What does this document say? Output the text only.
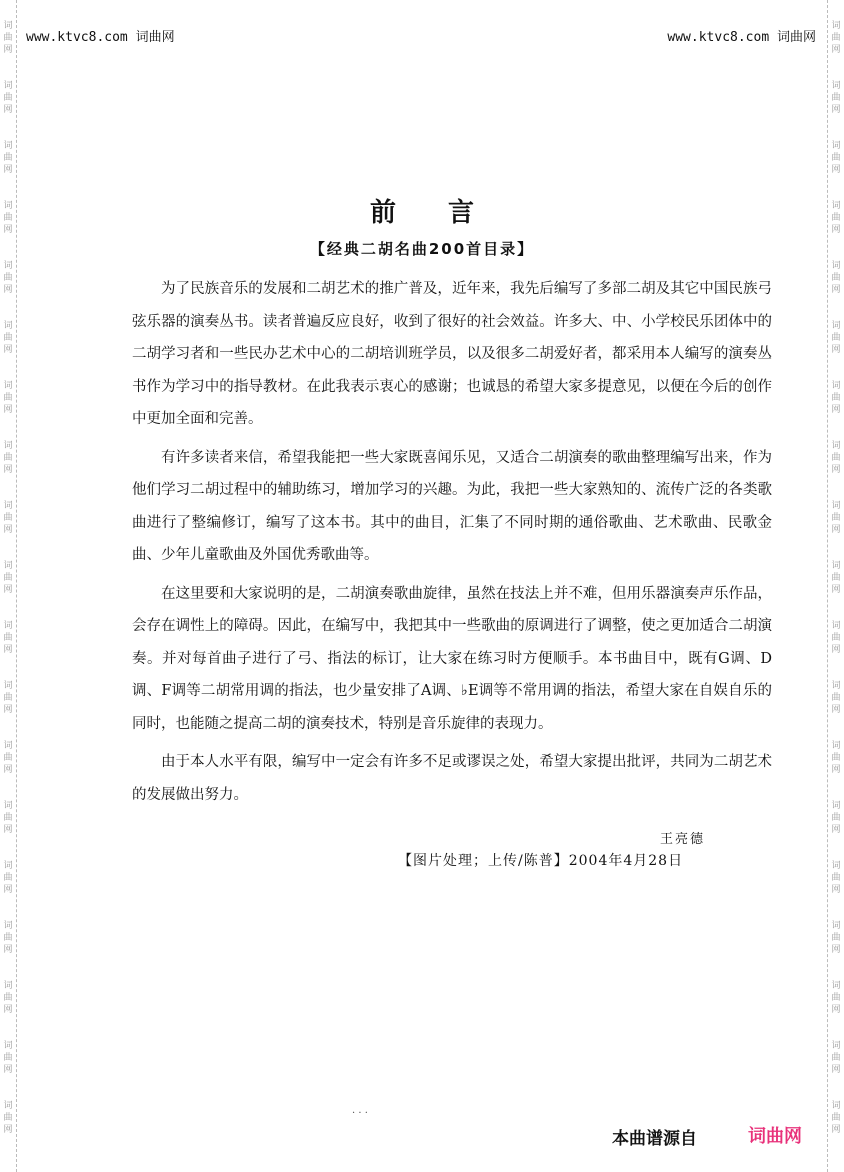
词曲网
词曲网
词曲网
词曲网
词曲网
词曲网
词曲网
词曲网
词曲网
词曲网
词曲网
词曲网
词曲网
词曲网
词曲网
词曲网
词曲网
词曲网
词曲网
词曲网
词曲网
词曲网
词曲网
词曲网
词曲网
词曲网
词曲网
词曲网
词曲网
词曲网
词曲网
词曲网
词曲网
词曲网
词曲网
词曲网
词曲网
词曲网
www.ktvc8.com 词曲网	www.ktvc8.com 词曲网
前言
【经典二胡名曲200首目录】

为了民族音乐的发展和二胡艺术的推广普及，近年来，我先后编写了多部二胡及其它中国民族弓弦乐器的演奏丛书。读者普遍反应良好，收到了很好的社会效益。许多大、中、小学校民乐团体中的二胡学习者和一些民办艺术中心的二胡培训班学员，以及很多二胡爱好者，都采用本人编写的演奏丛书作为学习中的指导教材。在此我表示衷心的感谢；也诚恳的希望大家多提意见，以便在今后的创作中更加全面和完善。

有许多读者来信，希望我能把一些大家既喜闻乐见，又适合二胡演奏的歌曲整理编写出来，作为他们学习二胡过程中的辅助练习，增加学习的兴趣。为此，我把一些大家熟知的、流传广泛的各类歌曲进行了整编修订，编写了这本书。其中的曲目，汇集了不同时期的通俗歌曲、艺术歌曲、民歌金曲、少年儿童歌曲及外国优秀歌曲等。

在这里要和大家说明的是，二胡演奏歌曲旋律，虽然在技法上并不难，但用乐器演奏声乐作品，会存在调性上的障碍。因此，在编写中，我把其中一些歌曲的原调进行了调整，使之更加适合二胡演奏。并对每首曲子进行了弓、指法的标订，让大家在练习时方便顺手。本书曲目中，既有G调、D调、F调等二胡常用调的指法，也少量安排了A调、♭E调等不常用调的指法，希望大家在自娱自乐的同时，也能随之提高二胡的演奏技术，特别是音乐旋律的表现力。

由于本人水平有限，编写中一定会有许多不足或谬误之处，希望大家提出批评，共同为二胡艺术的发展做出努力。

王亮德
【图片处理；上传/陈普】2004年4月28日
· · ·
本曲谱源自	词曲网
